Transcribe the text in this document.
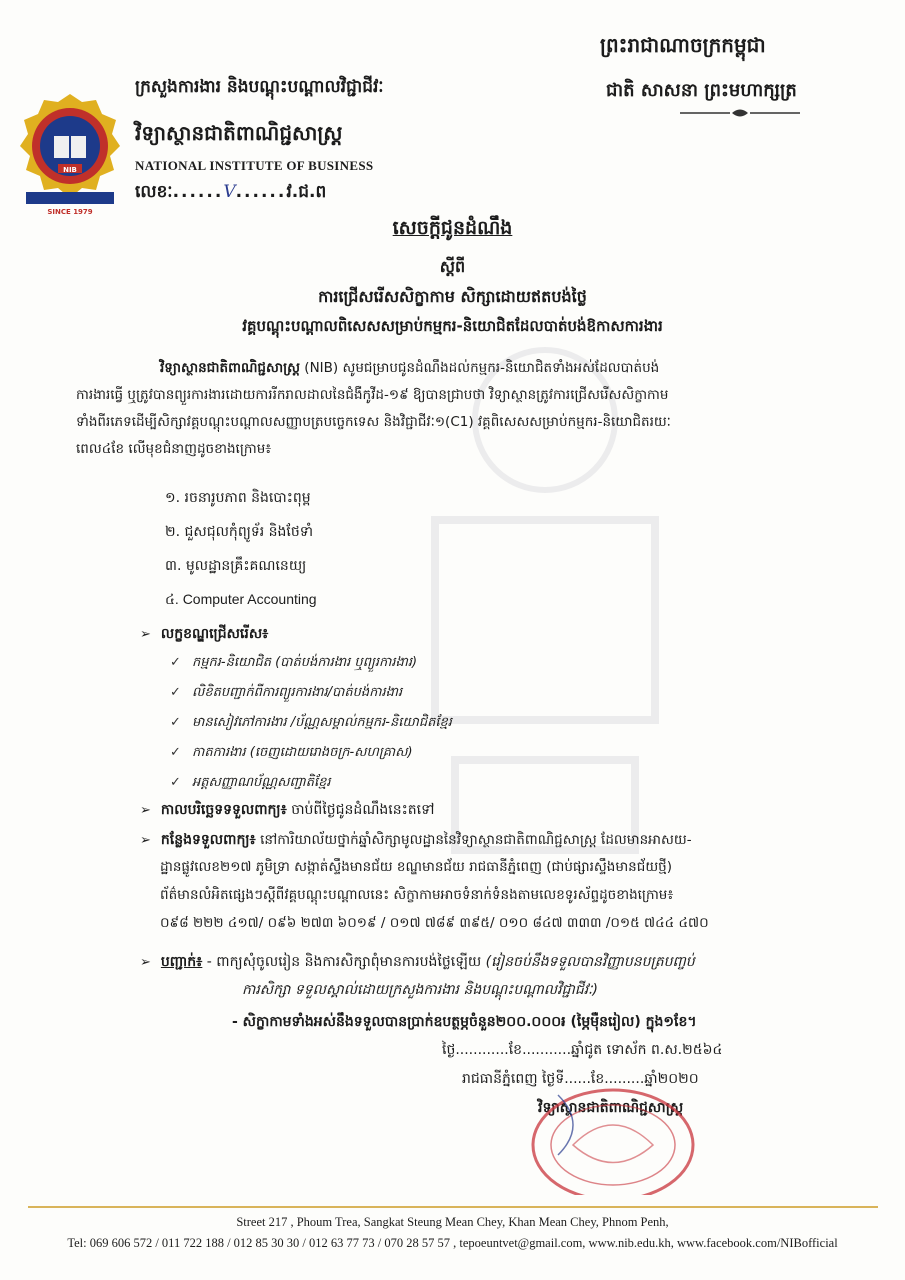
NIB
SINCE 1979
ព្រះរាជាណាចក្រកម្ពុជា
ជាតិ សាសនា ព្រះមហាក្សត្រ
ក្រសួងការងារ និងបណ្តុះបណ្តាលវិជ្ជាជីវៈ
វិទ្យាស្ថានជាតិពាណិជ្ជសាស្ត្រ
NATIONAL INSTITUTE OF BUSINESS
លេខៈ......V......វ.ជ.ព
សេចក្តីជូនដំណឹង
ស្តីពី
ការជ្រើសរើសសិក្ខាកាម សិក្សាដោយឥតបង់ថ្លៃ
វគ្គបណ្តុះបណ្តាលពិសេសសម្រាប់កម្មករ-និយោជិតដែលបាត់បង់ឱកាសការងារ
វិទ្យាស្ថានជាតិពាណិជ្ជសាស្ត្រ (NIB) សូមជម្រាបជូនដំណឹងដល់កម្មករ-និយោជិតទាំងអស់ដែលបាត់បង់
ការងារធ្វើ ឬត្រូវបានព្យួរការងារដោយការរីករាលដាលនៃជំងឺកូវីដ-១៩ ឱ្យបានជ្រាបថា វិទ្យាស្ថានត្រូវការជ្រើសរើសសិក្ខាកាម
ទាំងពីរភេទដើម្បីសិក្សាវគ្គបណ្តុះបណ្តាលសញ្ញាបត្របច្ចេកទេស និងវិជ្ជាជីវៈ១(C1) វគ្គពិសេសសម្រាប់កម្មករ-និយោជិតរយៈ
ពេល៤ខែ លើមុខជំនាញដូចខាងក្រោម៖
១. រចនារូបភាព និងបោះពុម្ព
២. ជួសជុលកុំព្យូទ័រ និងថែទាំ
៣. មូលដ្ឋានគ្រឹះគណនេយ្យ
៤. Computer Accounting
➢ លក្ខខណ្ឌជ្រើសរើស៖
✓ កម្មករ-និយោជិត (បាត់បង់ការងារ ឬព្យួរការងារ)
✓ លិខិតបញ្ជាក់ពីការព្យួរការងារ/បាត់បង់ការងារ
✓ មានសៀវភៅការងារ /ប័ណ្ណសម្គាល់កម្មករ-និយោជិតខ្មែរ
✓ កាតការងារ (ចេញដោយរោងចក្រ-សហគ្រាស)
✓ អត្តសញ្ញាណប័ណ្ណសញ្ជាតិខ្មែរ
➢ កាលបរិច្ឆេទទទួលពាក្យ៖ ចាប់ពីថ្ងៃជូនដំណឹងនេះតទៅ
➢ កន្លែងទទួលពាក្យ៖ នៅការិយាល័យថ្នាក់ឆ្នាំសិក្សាមូលដ្ឋាននៃវិទ្យាស្ថានជាតិពាណិជ្ជសាស្ត្រ ដែលមានអាសយ-
ដ្ឋានផ្លូវលេខ២១៧ ភូមិទ្រា សង្កាត់ស្ទឹងមានជ័យ ខណ្ឌមានជ័យ រាជធានីភ្នំពេញ (ជាប់ផ្សារស្ទឹងមានជ័យថ្មី)
ព័ត៌មានលំអិតផ្សេងៗស្តីពីវគ្គបណ្តុះបណ្តាលនេះ សិក្ខាកាមអាចទំនាក់ទំនងតាមលេខទូរស័ព្ទដូចខាងក្រោម៖
០៩៨ ២២២ ៤១៧/ ០៩៦ ២៧៣ ៦០១៩ / ០១៧ ៧៨៩ ៣៩៥/ ០១០ ៨៤៧ ៣៣៣ /០១៥ ៧៤៤ ៤៧០
➢ បញ្ជាក់៖ - ពាក្យសុំចូលរៀន និងការសិក្សាពុំមានការបង់ថ្លៃឡើយ (រៀនចប់នឹងទទួលបានវិញ្ញាបនបត្របញ្ចប់
ការសិក្សា ទទួលស្គាល់ដោយក្រសួងការងារ និងបណ្តុះបណ្តាលវិជ្ជាជីវៈ)
- សិក្ខាកាមទាំងអស់នឹងទទួលបានប្រាក់ឧបត្ថម្ភចំនួន២០០.០០០៛ (ម្ភៃម៉ឺនរៀល) ក្នុង១ខែ។
ថ្ងៃ............ខែ...........ឆ្នាំជូត ទោស័ក ព.ស.២៥៦៤
រាជធានីភ្នំពេញ ថ្ងៃទី......ខែ.........ឆ្នាំ២០២០
វិទ្យាស្ថានជាតិពាណិជ្ជសាស្ត្រ
Street 217 , Phoum Trea, Sangkat Steung Mean Chey, Khan Mean Chey, Phnom Penh,
Tel: 069 606 572 / 011 722 188 / 012 85 30 30 / 012 63 77 73 / 070 28 57 57 , tepoeuntvet@gmail.com, www.nib.edu.kh, www.facebook.com/NIBofficial
